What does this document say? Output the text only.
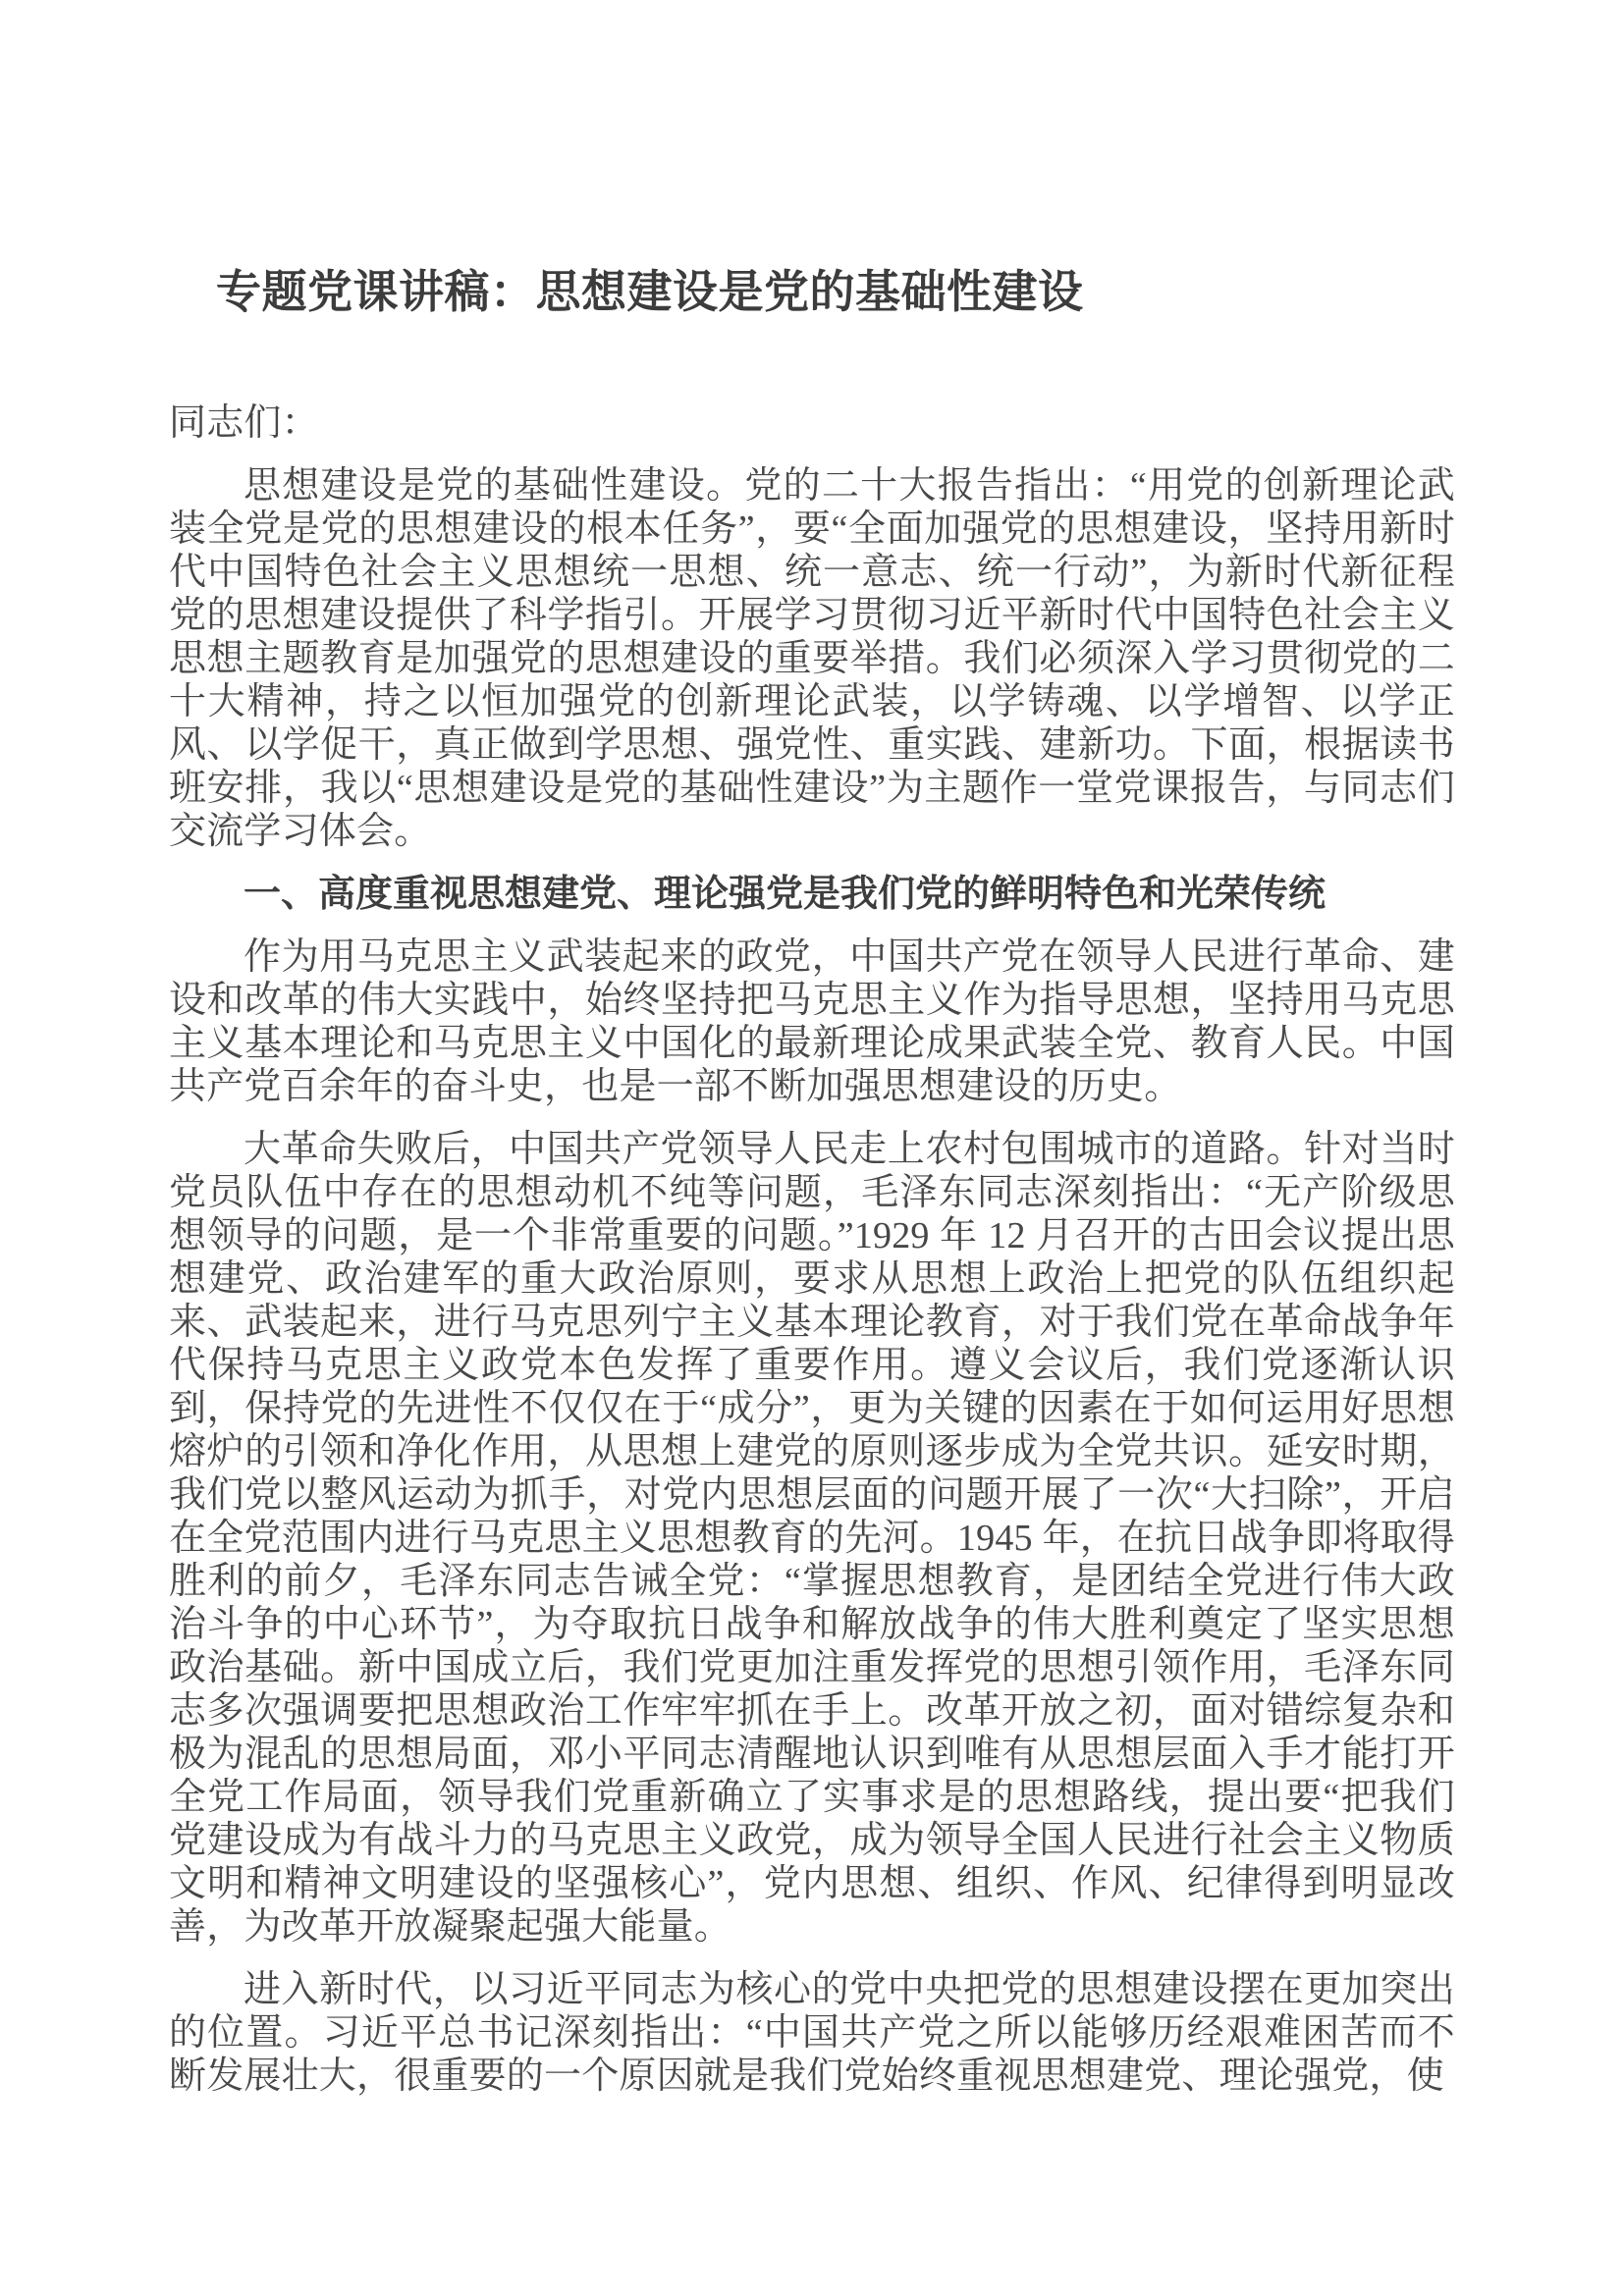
专题党课讲稿：思想建设是党的基础性建设

同志们：

思想建设是党的基础性建设。党的二十大报告指出：“用党的创新理论武装全党是党的思想建设的根本任务”，要“全面加强党的思想建设，坚持用新时代中国特色社会主义思想统一思想、统一意志、统一行动”，为新时代新征程党的思想建设提供了科学指引。开展学习贯彻习近平新时代中国特色社会主义思想主题教育是加强党的思想建设的重要举措。我们必须深入学习贯彻党的二十大精神，持之以恒加强党的创新理论武装，以学铸魂、以学增智、以学正风、以学促干，真正做到学思想、强党性、重实践、建新功。下面，根据读书班安排，我以“思想建设是党的基础性建设”为主题作一堂党课报告，与同志们交流学习体会。

一、高度重视思想建党、理论强党是我们党的鲜明特色和光荣传统

作为用马克思主义武装起来的政党，中国共产党在领导人民进行革命、建设和改革的伟大实践中，始终坚持把马克思主义作为指导思想，坚持用马克思主义基本理论和马克思主义中国化的最新理论成果武装全党、教育人民。中国共产党百余年的奋斗史，也是一部不断加强思想建设的历史。

大革命失败后，中国共产党领导人民走上农村包围城市的道路。针对当时党员队伍中存在的思想动机不纯等问题，毛泽东同志深刻指出：“无产阶级思想领导的问题，是一个非常重要的问题。”1929 年 12 月召开的古田会议提出思想建党、政治建军的重大政治原则，要求从思想上政治上把党的队伍组织起来、武装起来，进行马克思列宁主义基本理论教育，对于我们党在革命战争年代保持马克思主义政党本色发挥了重要作用。遵义会议后，我们党逐渐认识到，保持党的先进性不仅仅在于“成分”，更为关键的因素在于如何运用好思想熔炉的引领和净化作用，从思想上建党的原则逐步成为全党共识。延安时期，我们党以整风运动为抓手，对党内思想层面的问题开展了一次“大扫除”，开启在全党范围内进行马克思主义思想教育的先河。1945 年，在抗日战争即将取得胜利的前夕，毛泽东同志告诫全党：“掌握思想教育，是团结全党进行伟大政治斗争的中心环节”，为夺取抗日战争和解放战争的伟大胜利奠定了坚实思想政治基础。新中国成立后，我们党更加注重发挥党的思想引领作用，毛泽东同志多次强调要把思想政治工作牢牢抓在手上。改革开放之初，面对错综复杂和极为混乱的思想局面，邓小平同志清醒地认识到唯有从思想层面入手才能打开全党工作局面，领导我们党重新确立了实事求是的思想路线，提出要“把我们党建设成为有战斗力的马克思主义政党，成为领导全国人民进行社会主义物质文明和精神文明建设的坚强核心”，党内思想、组织、作风、纪律得到明显改善，为改革开放凝聚起强大能量。

进入新时代，以习近平同志为核心的党中央把党的思想建设摆在更加突出的位置。习近平总书记深刻指出：“中国共产党之所以能够历经艰难困苦而不断发展壮大，很重要的一个原因就是我们党始终重视思想建党、理论强党，使
